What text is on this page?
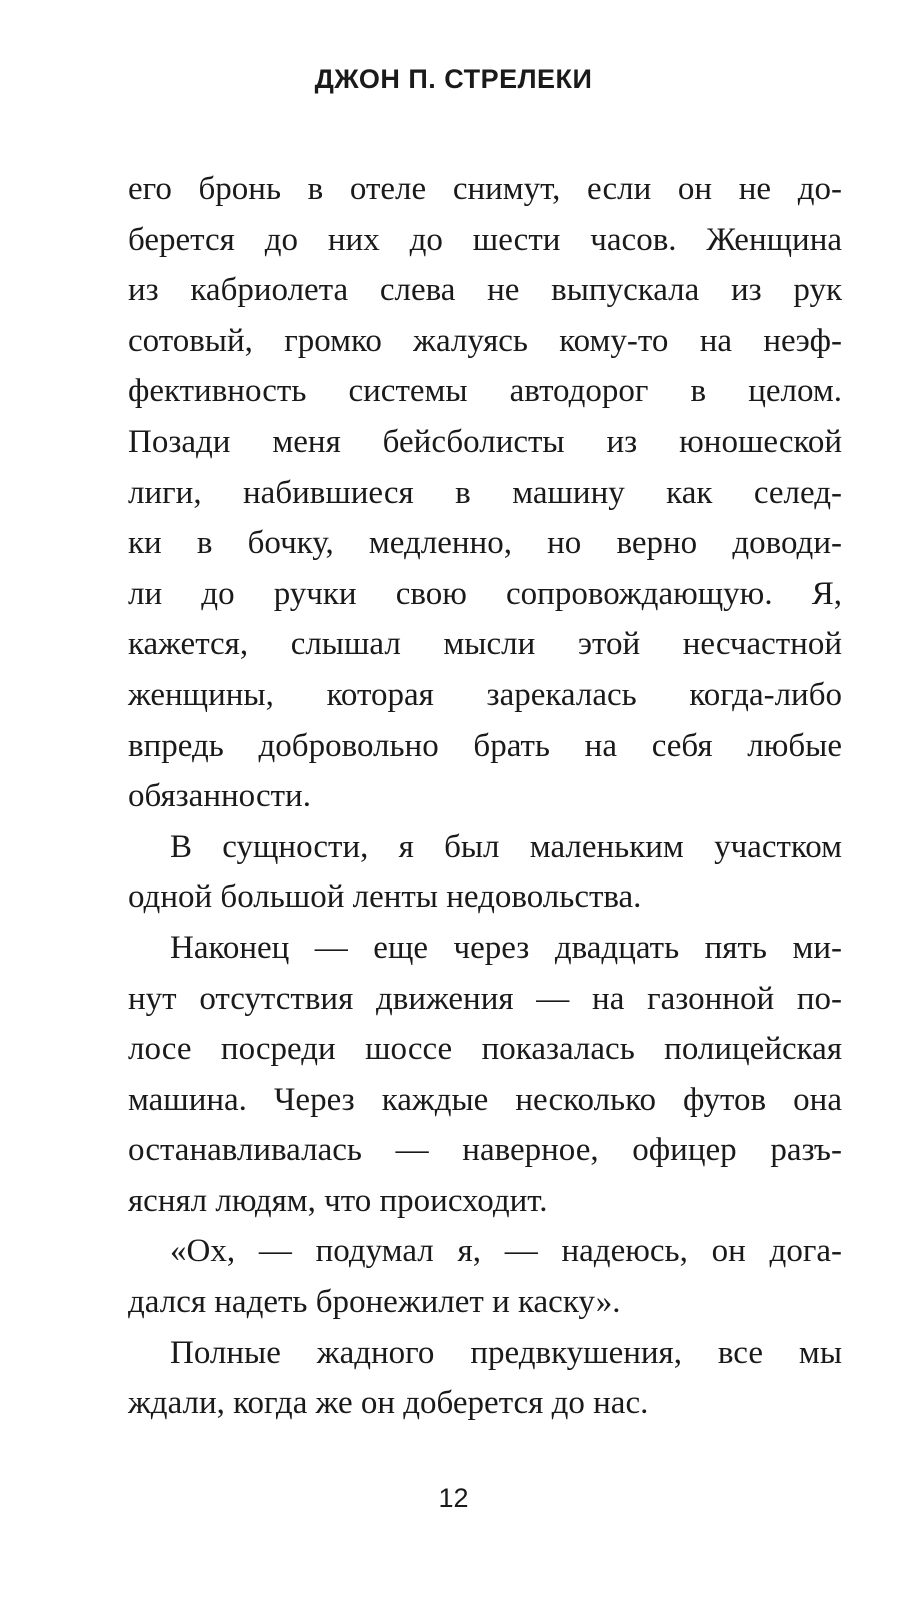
ДЖОН П. СТРЕЛЕКИ
его бронь в отеле снимут, если он не до-
берется до них до шести часов. Женщина
из кабриолета слева не выпускала из рук
сотовый, громко жалуясь кому-то на неэф-
фективность системы автодорог в целом.
Позади меня бейсболисты из юношеской
лиги, набившиеся в машину как селед-
ки в бочку, медленно, но верно доводи-
ли до ручки свою сопровождающую. Я,
кажется, слышал мысли этой несчастной
женщины, которая зарекалась когда-либо
впредь добровольно брать на себя любые
обязанности.
В сущности, я был маленьким участком
одной большой ленты недовольства.
Наконец — еще через двадцать пять ми-
нут отсутствия движения — на газонной по-
лосе посреди шоссе показалась полицейская
машина. Через каждые несколько футов она
останавливалась — наверное, офицер разъ-
яснял людям, что происходит.
«Ох, — подумал я, — надеюсь, он дога-
дался надеть бронежилет и каску».
Полные жадного предвкушения, все мы
ждали, когда же он доберется до нас.
12
